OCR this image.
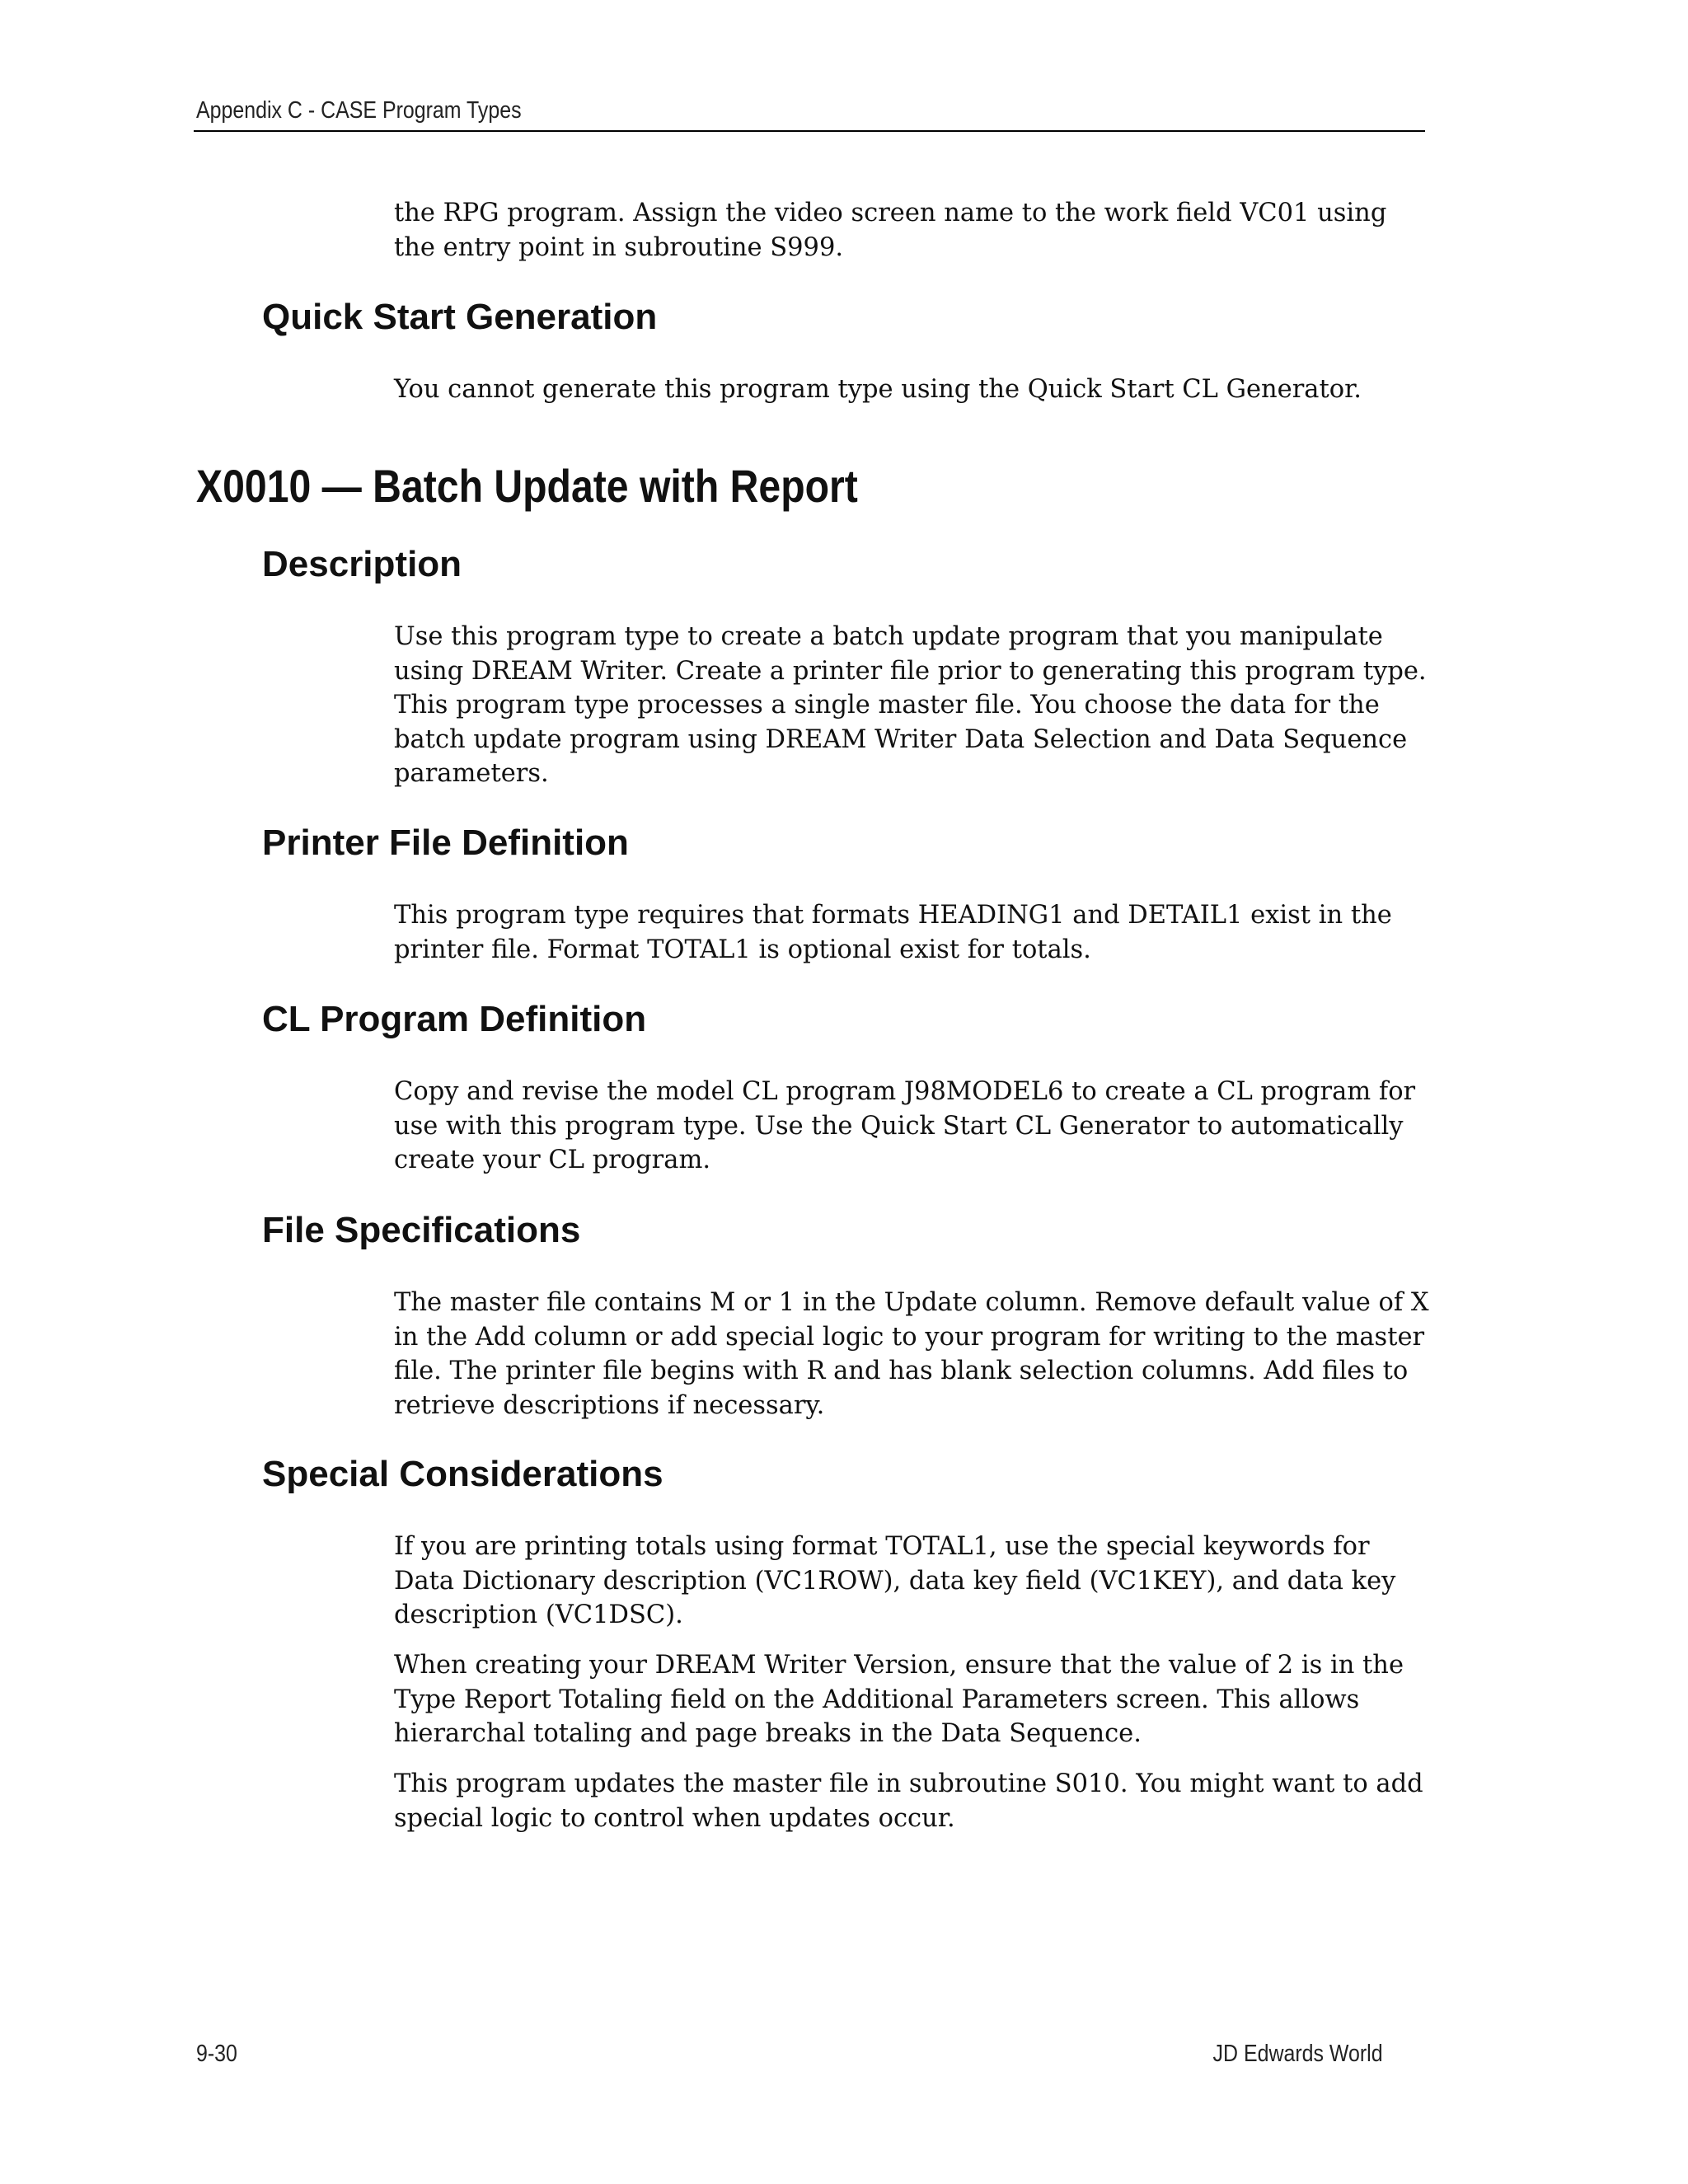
Appendix C - CASE Program Types

the RPG program. Assign the video screen name to the work field VC01 using the entry point in subroutine S999.

Quick Start Generation

You cannot generate this program type using the Quick Start CL Generator.

X0010 — Batch Update with Report
Description

Use this program type to create a batch update program that you manipulate using DREAM Writer. Create a printer file prior to generating this program type. This program type processes a single master file. You choose the data for the batch update program using DREAM Writer Data Selection and Data Sequence parameters.

Printer File Definition

This program type requires that formats HEADING1 and DETAIL1 exist in the printer file. Format TOTAL1 is optional exist for totals.

CL Program Definition

Copy and revise the model CL program J98MODEL6 to create a CL program for use with this program type. Use the Quick Start CL Generator to automatically create your CL program.

File Specifications

The master file contains M or 1 in the Update column. Remove default value of X in the Add column or add special logic to your program for writing to the master file. The printer file begins with R and has blank selection columns. Add files to retrieve descriptions if necessary.

Special Considerations

If you are printing totals using format TOTAL1, use the special keywords for Data Dictionary description (VC1ROW), data key field (VC1KEY), and data key description (VC1DSC).

When creating your DREAM Writer Version, ensure that the value of 2 is in the Type Report Totaling field on the Additional Parameters screen. This allows hierarchal totaling and page breaks in the Data Sequence.

This program updates the master file in subroutine S010. You might want to add special logic to control when updates occur.

9-30	JD Edwards World
